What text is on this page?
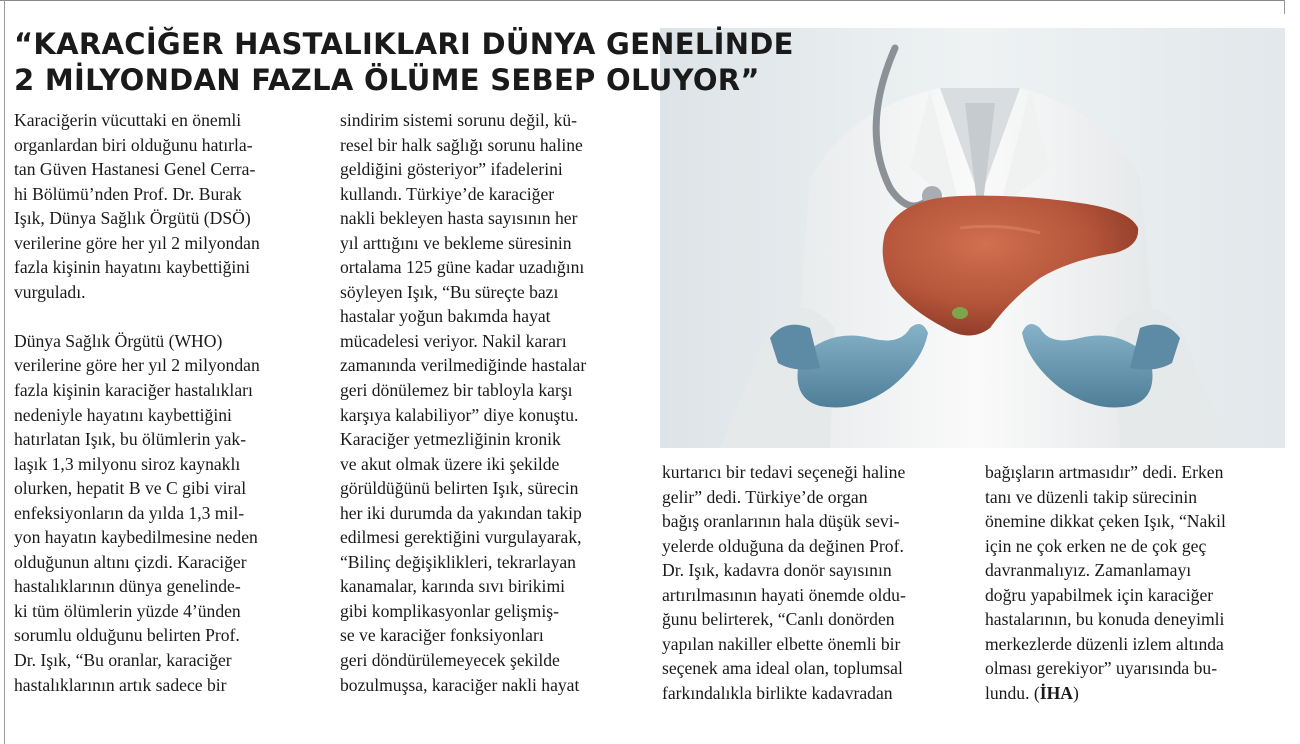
“KARACİĞER HASTALIKLARI DÜNYA GENELİNDE
2 MİLYONDAN FAZLA ÖLÜME SEBEP OLUYOR”
Karaciğerin vücuttaki en önemli
organlardan biri olduğunu hatırla-
tan Güven Hastanesi Genel Cerra-
hi Bölümü’nden Prof. Dr. Burak
Işık, Dünya Sağlık Örgütü (DSÖ)
verilerine göre her yıl 2 milyondan
fazla kişinin hayatını kaybettiğini
vurguladı.
Dünya Sağlık Örgütü (WHO)
verilerine göre her yıl 2 milyondan
fazla kişinin karaciğer hastalıkları
nedeniyle hayatını kaybettiğini
hatırlatan Işık, bu ölümlerin yak-
laşık 1,3 milyonu siroz kaynaklı
olurken, hepatit B ve C gibi viral
enfeksiyonların da yılda 1,3 mil-
yon hayatın kaybedilmesine neden
olduğunun altını çizdi. Karaciğer
hastalıklarının dünya genelinde-
ki tüm ölümlerin yüzde 4’ünden
sorumlu olduğunu belirten Prof.
Dr. Işık, “Bu oranlar, karaciğer
hastalıklarının artık sadece bir
sindirim sistemi sorunu değil, kü-
resel bir halk sağlığı sorunu haline
geldiğini gösteriyor” ifadelerini
kullandı. Türkiye’de karaciğer
nakli bekleyen hasta sayısının her
yıl arttığını ve bekleme süresinin
ortalama 125 güne kadar uzadığını
söyleyen Işık, “Bu süreçte bazı
hastalar yoğun bakımda hayat
mücadelesi veriyor. Nakil kararı
zamanında verilmediğinde hastalar
geri dönülemez bir tabloyla karşı
karşıya kalabiliyor” diye konuştu.
Karaciğer yetmezliğinin kronik
ve akut olmak üzere iki şekilde
görüldüğünü belirten Işık, sürecin
her iki durumda da yakından takip
edilmesi gerektiğini vurgulayarak,
“Bilinç değişiklikleri, tekrarlayan
kanamalar, karında sıvı birikimi
gibi komplikasyonlar gelişmiş-
se ve karaciğer fonksiyonları
geri döndürülemeyecek şekilde
bozulmuşsa, karaciğer nakli hayat
kurtarıcı bir tedavi seçeneği haline
gelir” dedi. Türkiye’de organ
bağış oranlarının hala düşük sevi-
yelerde olduğuna da değinen Prof.
Dr. Işık, kadavra donör sayısının
artırılmasının hayati önemde oldu-
ğunu belirterek, “Canlı donörden
yapılan nakiller elbette önemli bir
seçenek ama ideal olan, toplumsal
farkındalıkla birlikte kadavradan
bağışların artmasıdır” dedi. Erken
tanı ve düzenli takip sürecinin
önemine dikkat çeken Işık, “Nakil
için ne çok erken ne de çok geç
davranmalıyız. Zamanlamayı
doğru yapabilmek için karaciğer
hastalarının, bu konuda deneyimli
merkezlerde düzenli izlem altında
olması gerekiyor” uyarısında bu-
lundu. (İHA)
